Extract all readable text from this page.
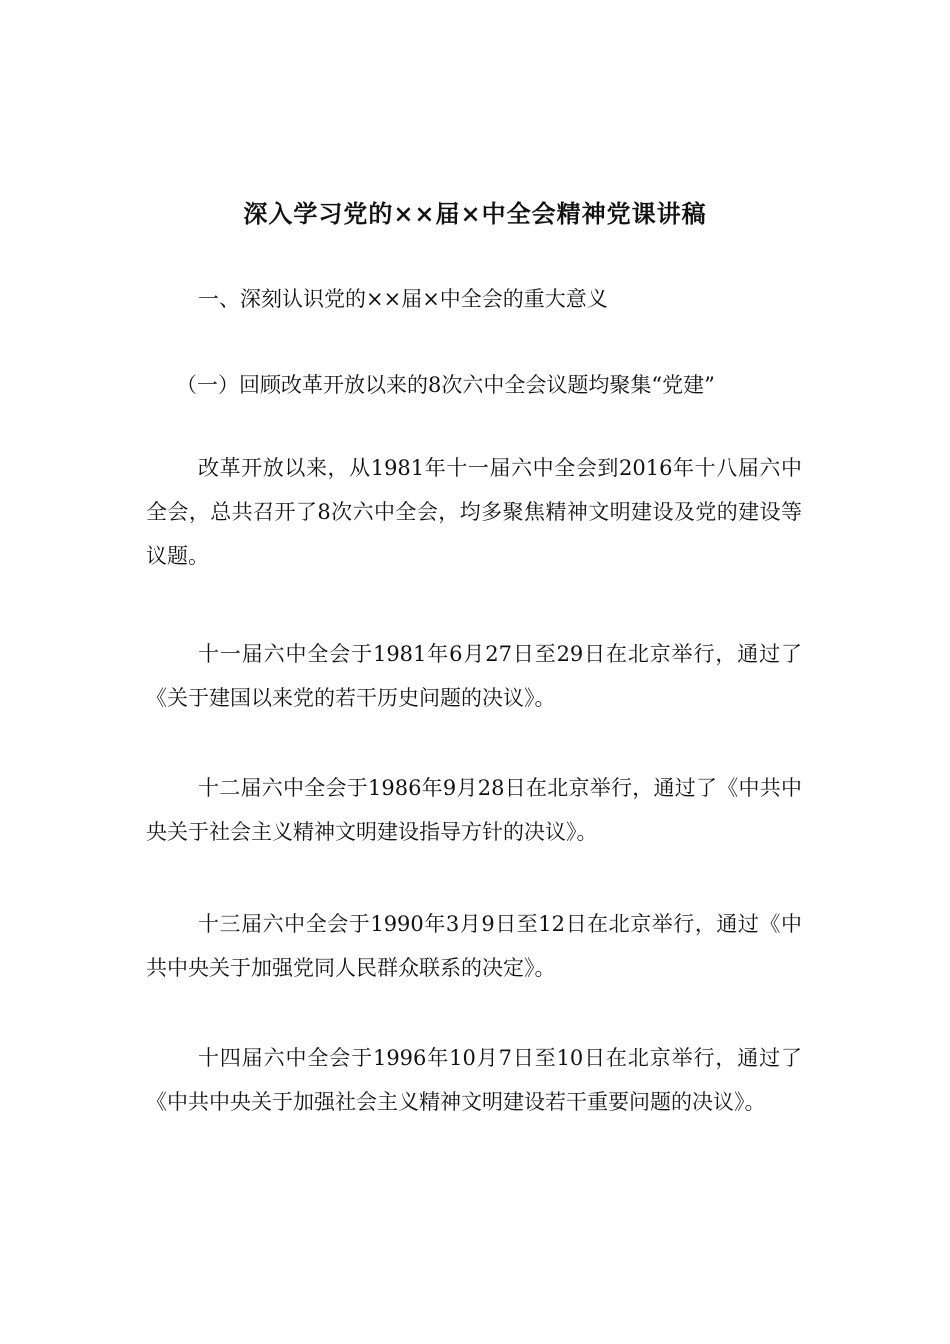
深入学习党的××届×中全会精神党课讲稿
一、深刻认识党的××届×中全会的重大意义
（一）回顾改革开放以来的8次六中全会议题均聚集“党建”

改革开放以来，从1981年十一届六中全会到2016年十八届六中全会，总共召开了8次六中全会，均多聚焦精神文明建设及党的建设等议题。

十一届六中全会于1981年6月27日至29日在北京举行，通过了《关于建国以来党的若干历史问题的决议》。

十二届六中全会于1986年9月28日在北京举行，通过了《中共中央关于社会主义精神文明建设指导方针的决议》。

十三届六中全会于1990年3月9日至12日在北京举行，通过《中共中央关于加强党同人民群众联系的决定》。

十四届六中全会于1996年10月7日至10日在北京举行，通过了《中共中央关于加强社会主义精神文明建设若干重要问题的决议》。
